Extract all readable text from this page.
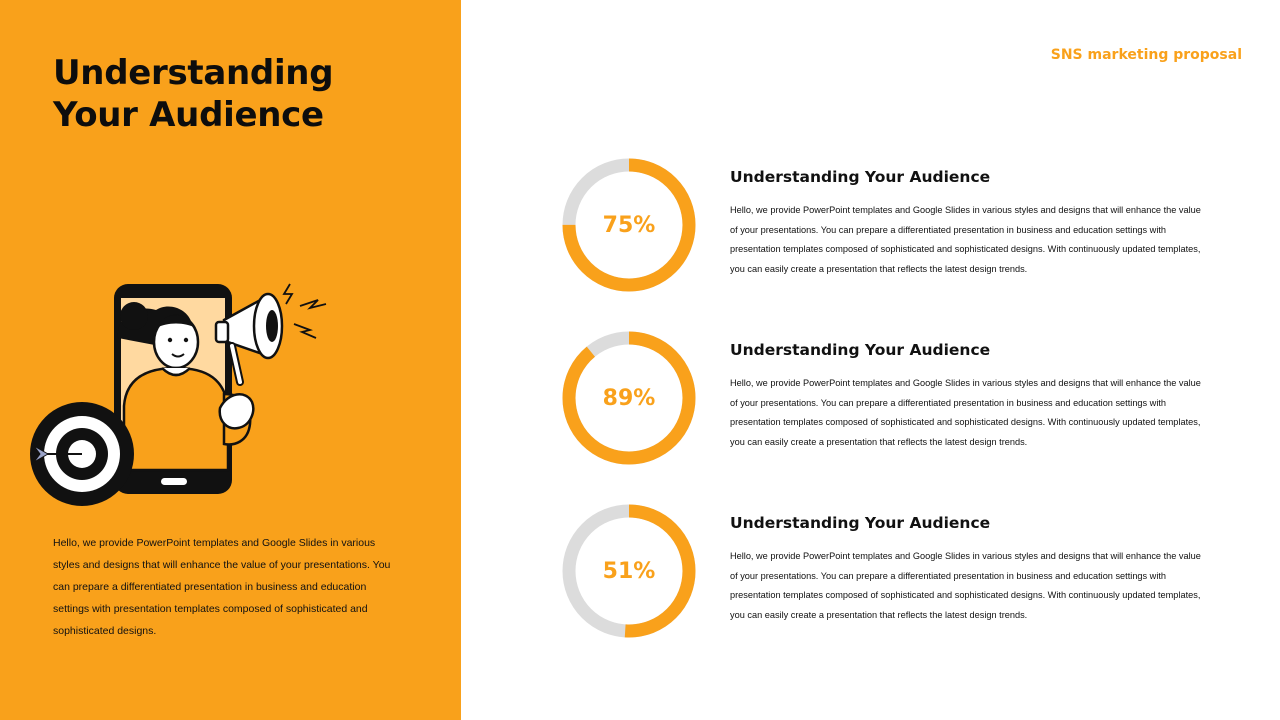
Understanding
Your Audience

Hello, we provide PowerPoint templates and Google Slides in various styles and designs that will enhance the value of your presentations. You can prepare a differentiated presentation in business and education settings with presentation templates composed of sophisticated and sophisticated designs.

SNS marketing proposal

75%
Understanding Your Audience

Hello, we provide PowerPoint templates and Google Slides in various styles and designs that will enhance the value of your presentations. You can prepare a differentiated presentation in business and education settings with presentation templates composed of sophisticated and sophisticated designs. With continuously updated templates, you can easily create a presentation that reflects the latest design trends.

89%
Understanding Your Audience

Hello, we provide PowerPoint templates and Google Slides in various styles and designs that will enhance the value of your presentations. You can prepare a differentiated presentation in business and education settings with presentation templates composed of sophisticated and sophisticated designs. With continuously updated templates, you can easily create a presentation that reflects the latest design trends.

51%
Understanding Your Audience

Hello, we provide PowerPoint templates and Google Slides in various styles and designs that will enhance the value of your presentations. You can prepare a differentiated presentation in business and education settings with presentation templates composed of sophisticated and sophisticated designs. With continuously updated templates, you can easily create a presentation that reflects the latest design trends.
